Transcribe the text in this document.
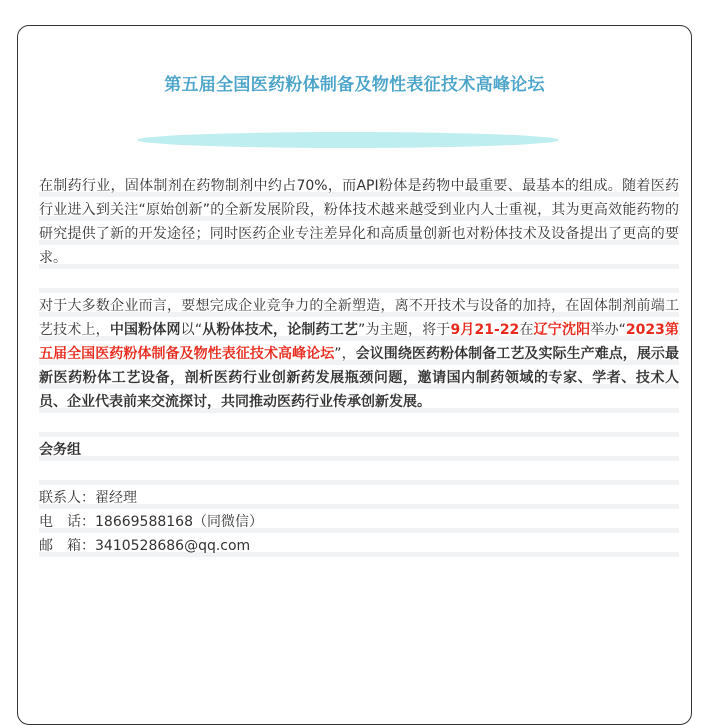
第五届全国医药粉体制备及物性表征技术高峰论坛

在制药行业，固体制剂在药物制剂中约占70%，而API粉体是药物中最重要、最基本的组成。随着医药行业进入到关注“原始创新”的全新发展阶段，粉体技术越来越受到业内人士重视，其为更高效能药物的研究提供了新的开发途径；同时医药企业专注差异化和高质量创新也对粉体技术及设备提出了更高的要求。

对于大多数企业而言，要想完成企业竞争力的全新塑造，离不开技术与设备的加持，在固体制剂前端工艺技术上，中国粉体网以“从粉体技术，论制药工艺”为主题，将于9月21-22在辽宁沈阳举办“2023第五届全国医药粉体制备及物性表征技术高峰论坛”，会议围绕医药粉体制备工艺及实际生产难点，展示最新医药粉体工艺设备，剖析医药行业创新药发展瓶颈问题，邀请国内制药领域的专家、学者、技术人员、企业代表前来交流探讨，共同推动医药行业传承创新发展。

会务组

联系人：翟经理

电　话：18669588168（同微信）

邮　箱：3410528686@qq.com
